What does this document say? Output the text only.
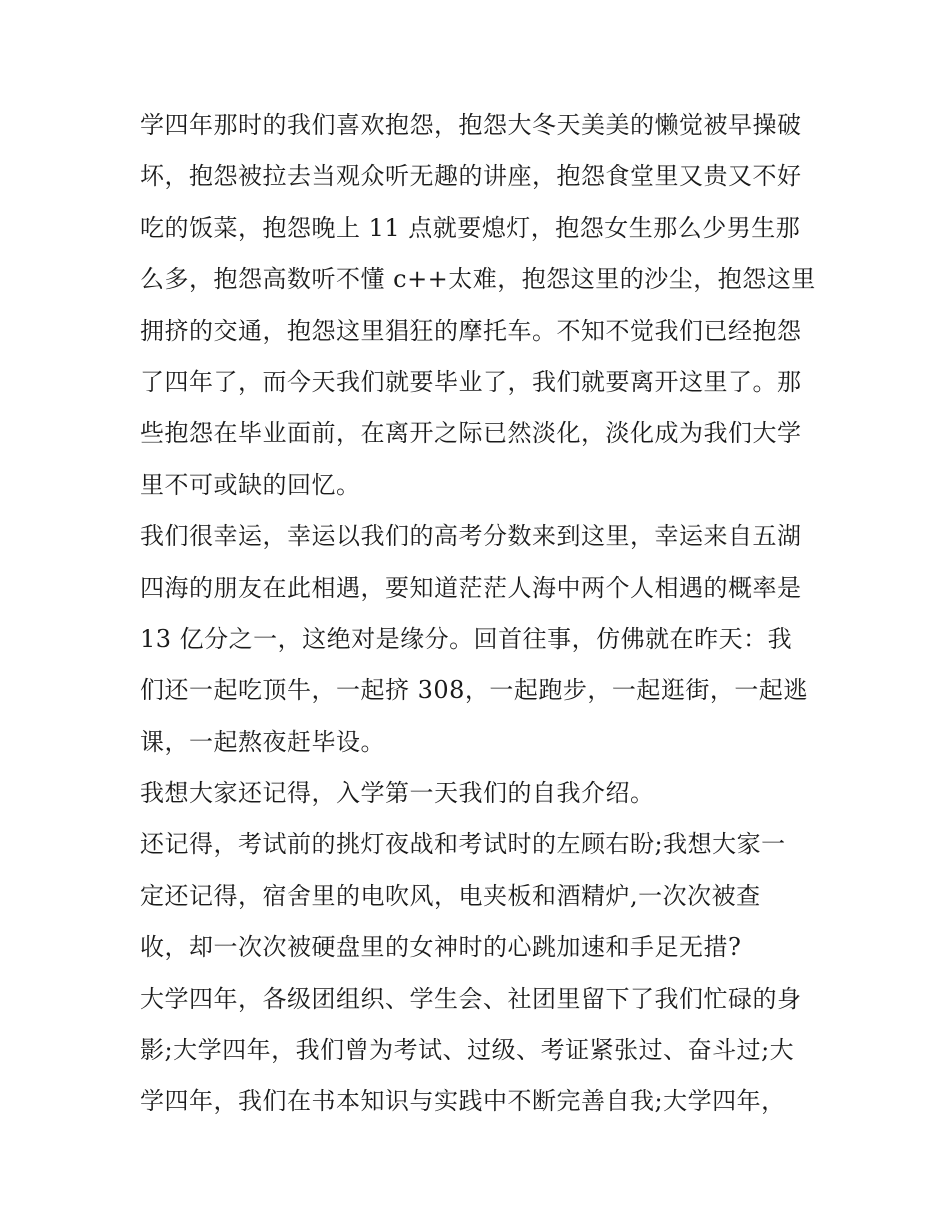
学四年那时的我们喜欢抱怨，抱怨大冬天美美的懒觉被早操破
坏，抱怨被拉去当观众听无趣的讲座，抱怨食堂里又贵又不好
吃的饭菜，抱怨晚上 11 点就要熄灯，抱怨女生那么少男生那
么多，抱怨高数听不懂 c++太难，抱怨这里的沙尘，抱怨这里
拥挤的交通，抱怨这里猖狂的摩托车。不知不觉我们已经抱怨
了四年了，而今天我们就要毕业了，我们就要离开这里了。那
些抱怨在毕业面前，在离开之际已然淡化，淡化成为我们大学
里不可或缺的回忆。
我们很幸运，幸运以我们的高考分数来到这里，幸运来自五湖
四海的朋友在此相遇，要知道茫茫人海中两个人相遇的概率是
13 亿分之一，这绝对是缘分。回首往事，仿佛就在昨天：我
们还一起吃顶牛，一起挤 308，一起跑步，一起逛街，一起逃
课，一起熬夜赶毕设。
我想大家还记得，入学第一天我们的自我介绍。
还记得，考试前的挑灯夜战和考试时的左顾右盼;我想大家一
定还记得，宿舍里的电吹风，电夹板和酒精炉,一次次被查
收，却一次次被硬盘里的女神时的心跳加速和手足无措?
大学四年，各级团组织、学生会、社团里留下了我们忙碌的身
影;大学四年，我们曾为考试、过级、考证紧张过、奋斗过;大
学四年，我们在书本知识与实践中不断完善自我;大学四年，
